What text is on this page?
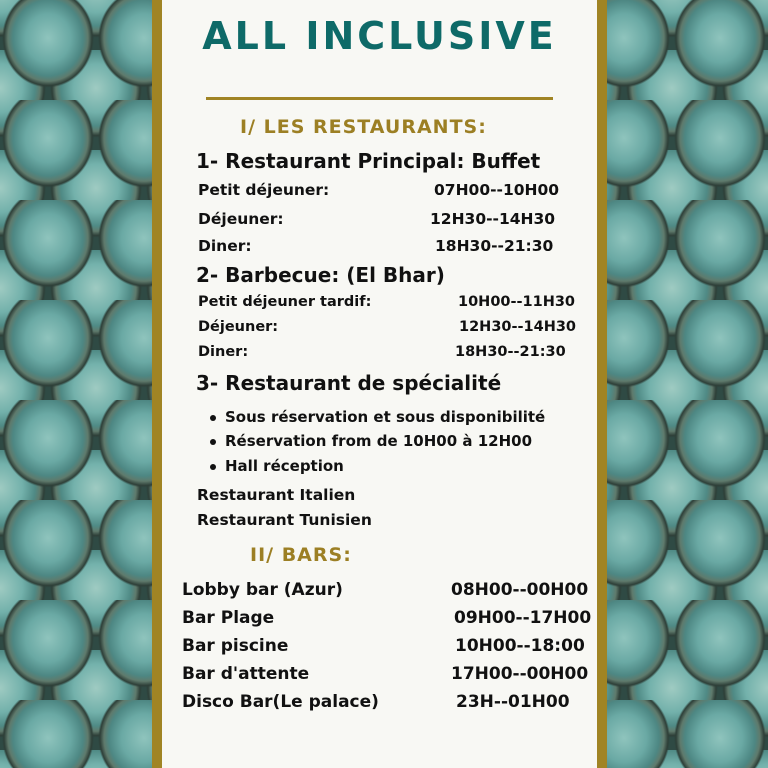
ALL INCLUSIVE
I/ LES RESTAURANTS:
1- Restaurant Principal: Buffet
Petit déjeuner:	07H00--10H00
Déjeuner:	12H30--14H30
Diner:	18H30--21:30
2- Barbecue: (El Bhar)
Petit déjeuner tardif:	10H00--11H30
Déjeuner:	12H30--14H30
Diner:	18H30--21:30
3- Restaurant de spécialité
Sous réservation et sous disponibilité
Réservation from de 10H00 à 12H00
Hall réception
Restaurant Italien
Restaurant Tunisien
II/ BARS:
Lobby bar (Azur)	08H00--00H00
Bar Plage	09H00--17H00
Bar piscine	10H00--18:00
Bar d'attente	17H00--00H00
Disco Bar(Le palace)	23H--01H00
